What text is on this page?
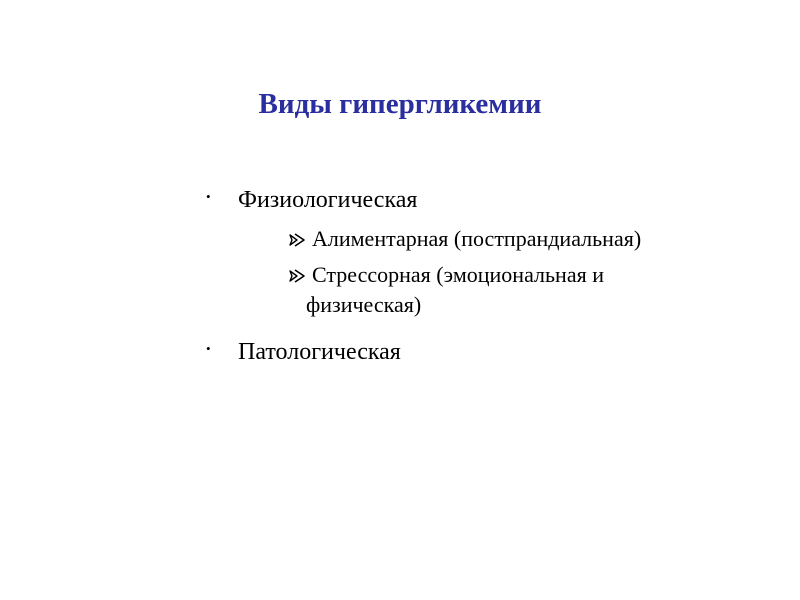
Виды гипергликемии
• Физиологическая
Алиментарная (постпрандиальная)
Стрессорная (эмоциональная и
физическая)
• Патологическая
